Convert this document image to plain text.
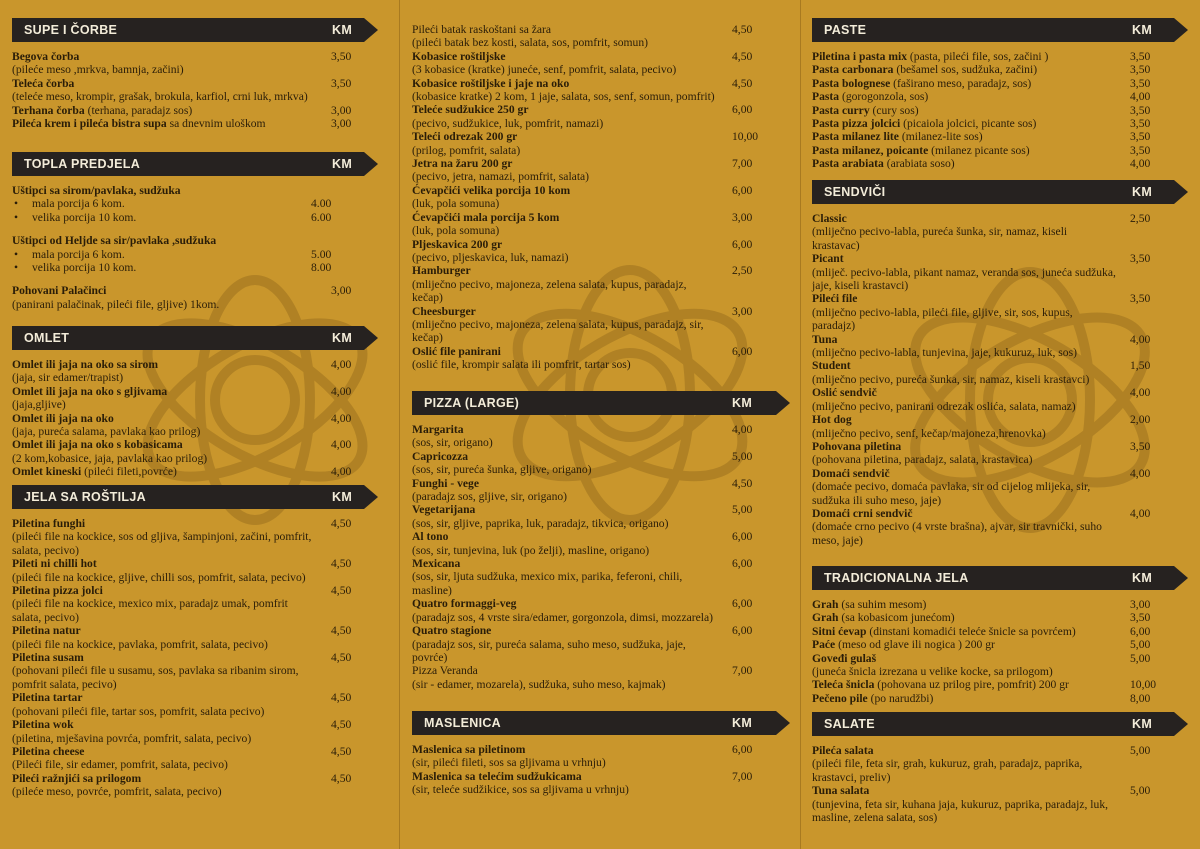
SUPE I ČORBE	KM
Begova čorba
(pileće meso ,mrkva, bamnja, začini)
3,50
Teleća čorba
(teleće meso, krompir, grašak, brokula, karfiol, crni luk, mrkva)
3,50
Terhana čorba (terhana, paradajz sos)	3,00
Pileća krem i pileća bistra supa sa dnevnim uloškom	3,00
TOPLA PREDJELA	KM
Uštipci sa sirom/pavlaka, sudžuka
• mala porcija 6 kom.	4.00
• velika porcija 10 kom.	6.00
Uštipci od Heljde sa sir/pavlaka ,sudžuka
• mala porcija 6 kom.	5.00
• velika porcija 10 kom.	8.00
Pohovani Palačinci
(panirani palačinak, pileći file, gljive) 1kom.
3,00
OMLET	KM
Omlet ili jaja na oko sa sirom
(jaja, sir edamer/trapist)
4,00
Omlet ili jaja na oko s gljivama
(jaja,gljive)
4,00
Omlet ili jaja na oko
(jaja, pureća salama, pavlaka kao prilog)
4,00
Omlet ili jaja na oko s kobasicama
(2 kom,kobasice, jaja, pavlaka kao prilog)
4,00
Omlet kineski (pileći fileti,povrće)	4,00
JELA SA ROŠTILJA	KM
Piletina funghi
(pileći file na kockice, sos od gljiva, šampinjoni, začini, pomfrit, salata, pecivo)
4,50
Pileti ni chilli hot
(pileći file na kockice, gljive, chilli sos, pomfrit, salata, pecivo)
4,50
Piletina pizza jolci
(pileći file na kockice, mexico mix, paradajz umak, pomfrit salata, pecivo)
4,50
Piletina natur
(pileći file na kockice, pavlaka, pomfrit, salata, pecivo)
4,50
Piletina susam
(pohovani pileći file u susamu, sos, pavlaka sa ribanim sirom, pomfrit salata, pecivo)
4,50
Piletina tartar
(pohovani pileći file, tartar sos, pomfrit, salata pecivo)
4,50
Piletina wok
(piletina, mješavina povrća, pomfrit, salata, pecivo)
4,50
Piletina cheese
(Pileći file, sir edamer, pomfrit, salata, pecivo)
4,50
Pileći ražnjići sa prilogom
(pileće meso, povrće, pomfrit, salata, pecivo)
4,50
Pileći batak raskoštani sa žara
(pileći batak bez kosti, salata, sos, pomfrit, somun)
4,50
Kobasice roštiljske
(3 kobasice (kratke) juneće, senf, pomfrit, salata, pecivo)
4,50
Kobasice roštiljske i jaje na oko
(kobasice kratke) 2 kom, 1 jaje, salata, sos, senf, somun, pomfrit)
4,50
Teleće sudžukice 250 gr
(pecivo, sudžukice, luk, pomfrit, namazi)
6,00
Teleći odrezak 200 gr
(prilog, pomfrit, salata)
10,00
Jetra na žaru 200 gr
(pecivo, jetra, namazi, pomfrit, salata)
7,00
Ćevapčići velika porcija 10 kom
(luk, pola somuna)
6,00
Ćevapčići mala porcija 5 kom
(luk, pola somuna)
3,00
Pljeskavica 200 gr
(pecivo, pljeskavica, luk, namazi)
6,00
Hamburger
(mliječno pecivo, majoneza, zelena salata, kupus, paradajz, kečap)
2,50
Cheesburger
(mliječno pecivo, majoneza, zelena salata, kupus, paradajz, sir, kečap)
3,00
Oslić file panirani
(oslić file, krompir salata ili pomfrit, tartar sos)
6,00
PIZZA (LARGE)	KM
Margarita
(sos, sir, origano)
4,00
Capricozza
(sos, sir, pureća šunka, gljive, origano)
5,00
Funghi - vege
(paradajz sos, gljive, sir, origano)
4,50
Vegetarijana
(sos, sir, gljive, paprika, luk, paradajz, tikvica, origano)
5,00
Al tono
(sos, sir, tunjevina, luk (po želji), masline, origano)
6,00
Mexicana
(sos, sir, ljuta sudžuka, mexico mix, parika, feferoni, chili, masline)
6,00
Quatro formaggi-veg
(paradajz sos, 4 vrste sira/edamer, gorgonzola, dimsi, mozzarela)
6,00
Quatro stagione
(paradajz sos, sir, pureća salama, suho meso, sudžuka, jaje, povrće)
6,00
Pizza Veranda
(sir - edamer, mozarela), sudžuka, suho meso, kajmak)
7,00
MASLENICA	KM
Maslenica sa piletinom
(sir, pileći fileti, sos sa gljivama u vrhnju)
6,00
Maslenica sa telećim sudžukicama
(sir, teleće sudžikice, sos sa gljivama u vrhnju)
7,00
PASTE	KM
Piletina i pasta mix (pasta, pileći file, sos, začini )	3,50
Pasta carbonara (bešamel sos, sudžuka, začini)	3,50
Pasta bolognese (faširano meso, paradajz, sos)	3,50
Pasta (gorogonzola, sos)	4,00
Pasta curry (cury sos)	3,50
Pasta pizza jolcici (picaiola jolcici, picante sos)	3,50
Pasta milanez lite (milanez-lite sos)	3,50
Pasta milanez, poicante (milanez picante sos)	3,50
Pasta arabiata (arabiata soso)	4,00
SENDVIČI	KM
Classic
(mliječno pecivo-labla, pureća šunka, sir, namaz, kiseli krastavac)
2,50
Picant
(mliječ. pecivo-labla, pikant namaz, veranda sos, juneća sudžuka, jaje, kiseli krastavci)
3,50
Pileći file
(mliječno pecivo-labla, pileći file, gljive, sir, sos, kupus, paradajz)
3,50
Tuna
(mliječno pecivo-labla, tunjevina, jaje, kukuruz, luk, sos)
4,00
Student
(mliječno pecivo, pureća šunka, sir, namaz, kiseli krastavci)
1,50
Oslić sendvič
(mliječno pecivo, panirani odrezak oslića, salata, namaz)
4,00
Hot dog
(mliječno pecivo, senf, kečap/majoneza,hrenovka)
2,00
Pohovana piletina
(pohovana piletina, paradajz, salata, krastavica)
3,50
Domaći sendvič
(domaće pecivo, domaća pavlaka, sir od cijelog mlijeka, sir, sudžuka ili suho meso, jaje)
4,00
Domaći crni sendvič
(domaće crno pecivo (4 vrste brašna), ajvar, sir travnički, suho meso, jaje)
4,00
TRADICIONALNA JELA	KM
Grah (sa suhim mesom)	3,00
Grah (sa kobasicom junećom)	3,50
Sitni ćevap (dinstani komadići teleće šnicle sa povrćem)	6,00
Paće (meso od glave ili nogica ) 200 gr	5,00
Goveđi gulaš
(juneća šnicla izrezana u velike kocke, sa prilogom)
5,00
Teleća šnicla (pohovana uz prilog pire, pomfrit) 200 gr	10,00
Pečeno pile (po narudžbi)	8,00
SALATE	KM
Pileća salata
(pileći file, feta sir, grah, kukuruz, grah, paradajz, paprika, krastavci, preliv)
5,00
Tuna salata
(tunjevina, feta sir, kuhana jaja, kukuruz, paprika, paradajz, luk, masline, zelena salata, sos)
5,00
